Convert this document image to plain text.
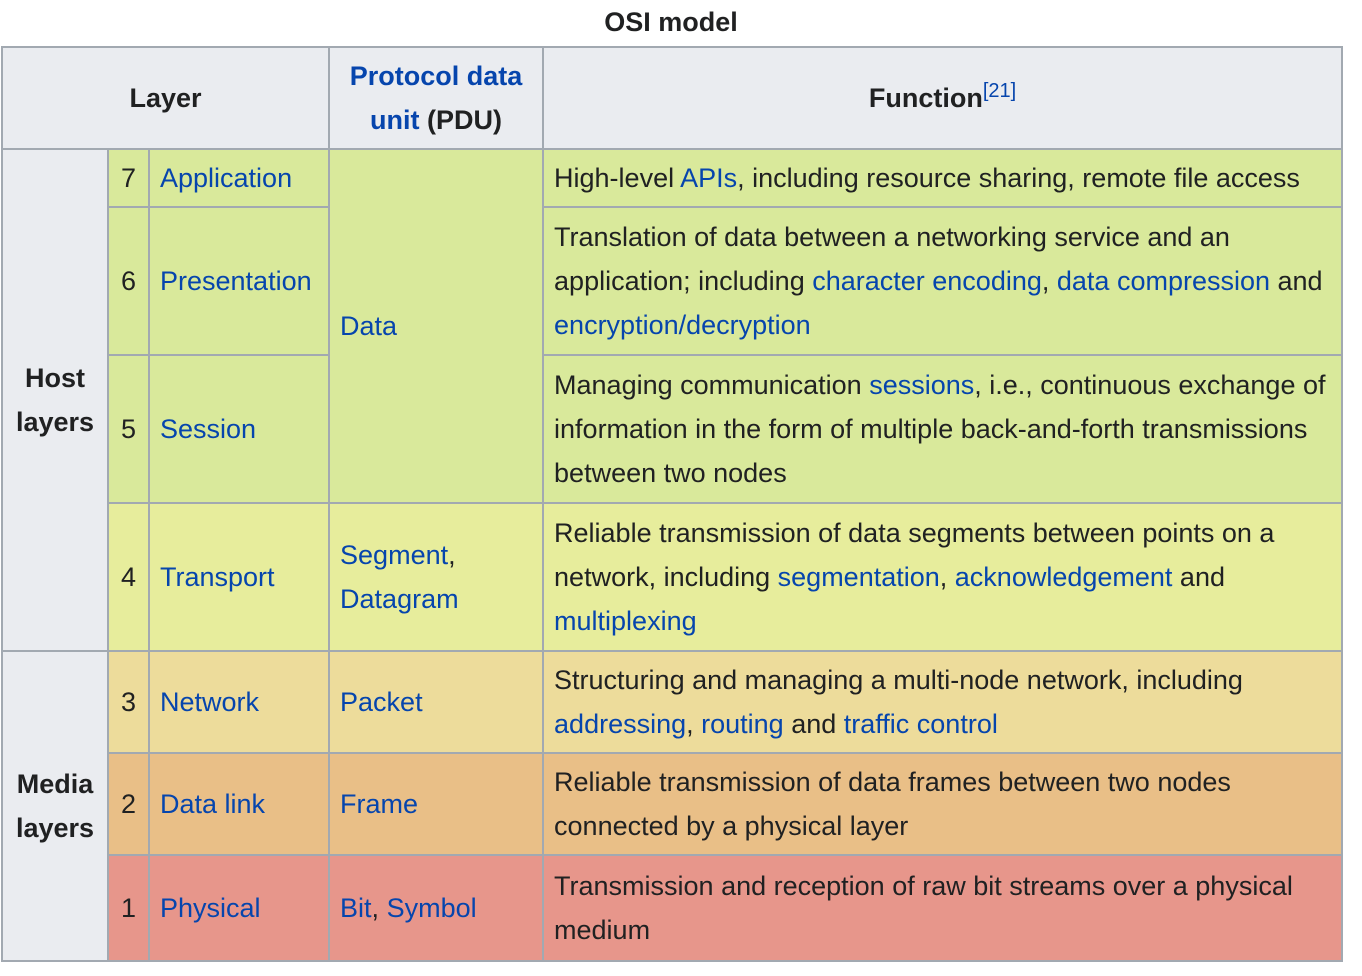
OSI model
Layer			Protocol data unit (PDU)	Function[21]
Host layers	7	Application	Data	High-level APIs, including resource sharing, remote file access
	6	Presentation		Translation of data between a networking service and an application; including character encoding, data compression and encryption/decryption
	5	Session		Managing communication sessions, i.e., continuous exchange of information in the form of multiple back-and-forth transmissions between two nodes
	4	Transport	Segment, Datagram	Reliable transmission of data segments between points on a network, including segmentation, acknowledgement and multiplexing
Media layers	3	Network	Packet	Structuring and managing a multi-node network, including addressing, routing and traffic control
	2	Data link	Frame	Reliable transmission of data frames between two nodes connected by a physical layer
	1	Physical	Bit, Symbol	Transmission and reception of raw bit streams over a physical medium
